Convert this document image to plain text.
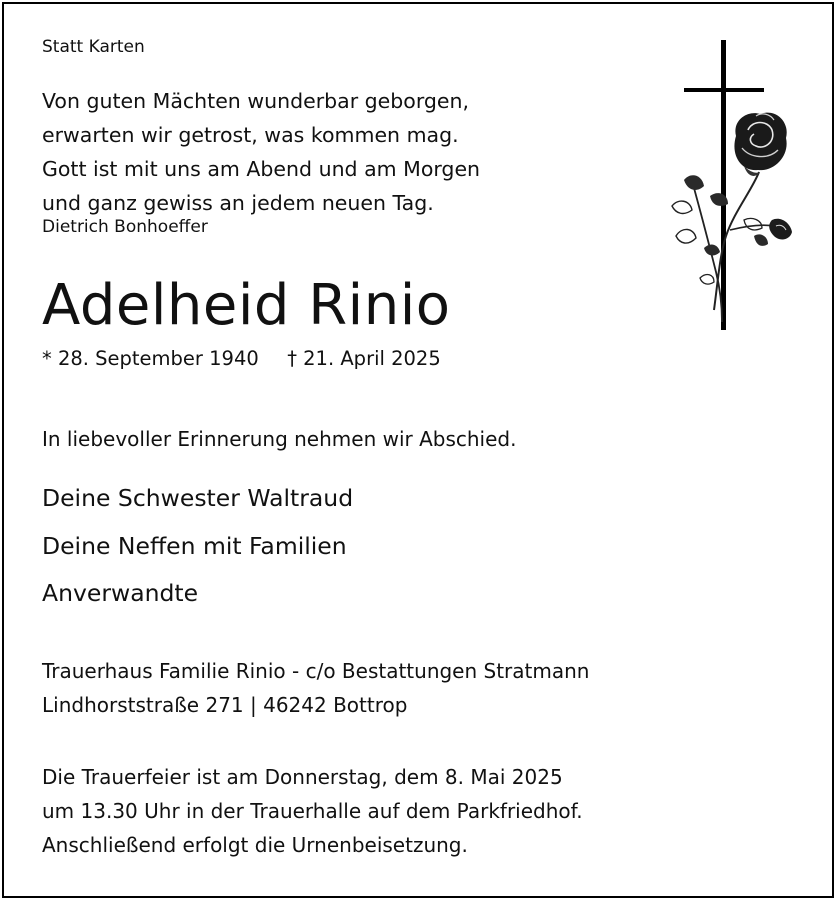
Statt Karten
Von guten Mächten wunderbar geborgen,
erwarten wir getrost, was kommen mag.
Gott ist mit uns am Abend und am Morgen
und ganz gewiss an jedem neuen Tag.
Dietrich Bonhoeffer
Adelheid Rinio
* 28. September 1940 † 21. April 2025
In liebevoller Erinnerung nehmen wir Abschied.
Deine Schwester Waltraud
Deine Neffen mit Familien
Anverwandte
Trauerhaus Familie Rinio - c/o Bestattungen Stratmann
Lindhorststraße 271 | 46242 Bottrop
Die Trauerfeier ist am Donnerstag, dem 8. Mai 2025
um 13.30 Uhr in der Trauerhalle auf dem Parkfriedhof.
Anschließend erfolgt die Urnenbeisetzung.
